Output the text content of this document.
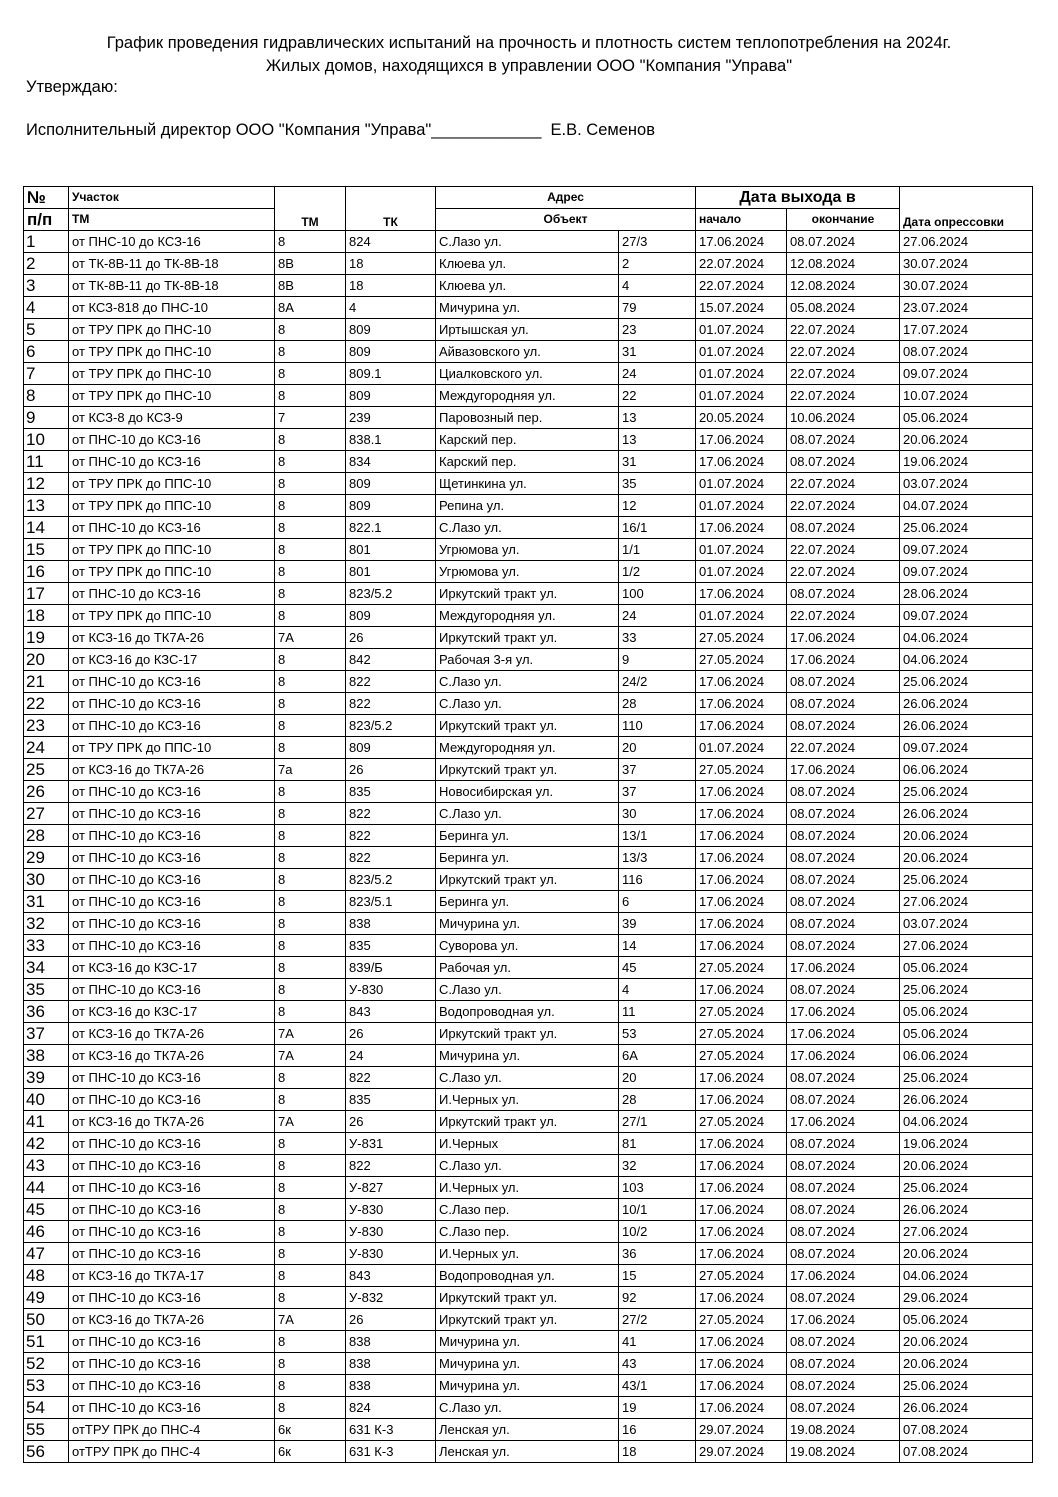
График проведения гидравлических испытаний на прочность и плотность систем теплопотребления на 2024г.
Жилых домов, находящихся в управлении ООО "Компания "Управа"
Утверждаю:
Исполнительный директор ООО "Компания "Управа"____________  Е.В. Семенов
№	Участок			Адрес		Дата выхода в		
п/п	ТМ	ТМ	ТК	Объект		начало	окончание	Дата опрессовки
1	от ПНС-10 до КСЗ-16	8	824	С.Лазо ул.	27/3	17.06.2024	08.07.2024	27.06.2024
2	от ТК-8В-11 до ТК-8В-18	8В	18	Клюева ул.	2	22.07.2024	12.08.2024	30.07.2024
3	от ТК-8В-11 до ТК-8В-18	8В	18	Клюева ул.	4	22.07.2024	12.08.2024	30.07.2024
4	от КСЗ-818 до ПНС-10	8А	4	Мичурина ул.	79	15.07.2024	05.08.2024	23.07.2024
5	от ТРУ ПРК до ПНС-10	8	809	Иртышская ул.	23	01.07.2024	22.07.2024	17.07.2024
6	от ТРУ ПРК до ПНС-10	8	809	Айвазовского ул.	31	01.07.2024	22.07.2024	08.07.2024
7	от ТРУ ПРК до ПНС-10	8	809.1	Циалковского ул.	24	01.07.2024	22.07.2024	09.07.2024
8	от ТРУ ПРК до ПНС-10	8	809	Междугородняя ул.	22	01.07.2024	22.07.2024	10.07.2024
9	от КСЗ-8 до КСЗ-9	7	239	Паровозный пер.	13	20.05.2024	10.06.2024	05.06.2024
10	от ПНС-10 до КСЗ-16	8	838.1	Карский пер.	13	17.06.2024	08.07.2024	20.06.2024
11	от ПНС-10 до КСЗ-16	8	834	Карский пер.	31	17.06.2024	08.07.2024	19.06.2024
12	от ТРУ ПРК до ППС-10	8	809	Щетинкина ул.	35	01.07.2024	22.07.2024	03.07.2024
13	от ТРУ ПРК до ППС-10	8	809	Репина ул.	12	01.07.2024	22.07.2024	04.07.2024
14	от ПНС-10 до КСЗ-16	8	822.1	С.Лазо ул.	16/1	17.06.2024	08.07.2024	25.06.2024
15	от ТРУ ПРК до ППС-10	8	801	Угрюмова ул.	1/1	01.07.2024	22.07.2024	09.07.2024
16	от ТРУ ПРК до ППС-10	8	801	Угрюмова ул.	1/2	01.07.2024	22.07.2024	09.07.2024
17	от ПНС-10 до КСЗ-16	8	823/5.2	Иркутский тракт ул.	100	17.06.2024	08.07.2024	28.06.2024
18	от ТРУ ПРК до ППС-10	8	809	Междугородняя ул.	24	01.07.2024	22.07.2024	09.07.2024
19	от КСЗ-16 до ТК7А-26	7А	26	Иркутский тракт ул.	33	27.05.2024	17.06.2024	04.06.2024
20	от КСЗ-16 до КЗС-17	8	842	Рабочая 3-я ул.	9	27.05.2024	17.06.2024	04.06.2024
21	от ПНС-10 до КСЗ-16	8	822	С.Лазо ул.	24/2	17.06.2024	08.07.2024	25.06.2024
22	от ПНС-10 до КСЗ-16	8	822	С.Лазо ул.	28	17.06.2024	08.07.2024	26.06.2024
23	от ПНС-10 до КСЗ-16	8	823/5.2	Иркутский тракт ул.	110	17.06.2024	08.07.2024	26.06.2024
24	от ТРУ ПРК до ППС-10	8	809	Междугородняя ул.	20	01.07.2024	22.07.2024	09.07.2024
25	от КСЗ-16 до ТК7А-26	7а	26	Иркутский тракт ул.	37	27.05.2024	17.06.2024	06.06.2024
26	от ПНС-10 до КСЗ-16	8	835	Новосибирская ул.	37	17.06.2024	08.07.2024	25.06.2024
27	от ПНС-10 до КСЗ-16	8	822	С.Лазо ул.	30	17.06.2024	08.07.2024	26.06.2024
28	от ПНС-10 до КСЗ-16	8	822	Беринга ул.	13/1	17.06.2024	08.07.2024	20.06.2024
29	от ПНС-10 до КСЗ-16	8	822	Беринга ул.	13/3	17.06.2024	08.07.2024	20.06.2024
30	от ПНС-10 до КСЗ-16	8	823/5.2	Иркутский тракт ул.	116	17.06.2024	08.07.2024	25.06.2024
31	от ПНС-10 до КСЗ-16	8	823/5.1	Беринга ул.	6	17.06.2024	08.07.2024	27.06.2024
32	от ПНС-10 до КСЗ-16	8	838	Мичурина ул.	39	17.06.2024	08.07.2024	03.07.2024
33	от ПНС-10 до КСЗ-16	8	835	Суворова ул.	14	17.06.2024	08.07.2024	27.06.2024
34	от КСЗ-16 до КЗС-17	8	839/Б	Рабочая ул.	45	27.05.2024	17.06.2024	05.06.2024
35	от ПНС-10 до КСЗ-16	8	У-830	С.Лазо ул.	4	17.06.2024	08.07.2024	25.06.2024
36	от КСЗ-16 до КЗС-17	8	843	Водопроводная ул.	11	27.05.2024	17.06.2024	05.06.2024
37	от КСЗ-16 до ТК7А-26	7А	26	Иркутский тракт ул.	53	27.05.2024	17.06.2024	05.06.2024
38	от КСЗ-16 до ТК7А-26	7А	24	Мичурина ул.	6А	27.05.2024	17.06.2024	06.06.2024
39	от ПНС-10 до КСЗ-16	8	822	С.Лазо ул.	20	17.06.2024	08.07.2024	25.06.2024
40	от ПНС-10 до КСЗ-16	8	835	И.Черных ул.	28	17.06.2024	08.07.2024	26.06.2024
41	от КСЗ-16 до ТК7А-26	7А	26	Иркутский тракт ул.	27/1	27.05.2024	17.06.2024	04.06.2024
42	от ПНС-10 до КСЗ-16	8	У-831	И.Черных	81	17.06.2024	08.07.2024	19.06.2024
43	от ПНС-10 до КСЗ-16	8	822	С.Лазо ул.	32	17.06.2024	08.07.2024	20.06.2024
44	от ПНС-10 до КСЗ-16	8	У-827	И.Черных ул.	103	17.06.2024	08.07.2024	25.06.2024
45	от ПНС-10 до КСЗ-16	8	У-830	С.Лазо пер.	10/1	17.06.2024	08.07.2024	26.06.2024
46	от ПНС-10 до КСЗ-16	8	У-830	С.Лазо пер.	10/2	17.06.2024	08.07.2024	27.06.2024
47	от ПНС-10 до КСЗ-16	8	У-830	И.Черных ул.	36	17.06.2024	08.07.2024	20.06.2024
48	от КСЗ-16 до ТК7А-17	8	843	Водопроводная ул.	15	27.05.2024	17.06.2024	04.06.2024
49	от ПНС-10 до КСЗ-16	8	У-832	Иркутский тракт ул.	92	17.06.2024	08.07.2024	29.06.2024
50	от КСЗ-16 до ТК7А-26	7А	26	Иркутский тракт ул.	27/2	27.05.2024	17.06.2024	05.06.2024
51	от ПНС-10 до КСЗ-16	8	838	Мичурина ул.	41	17.06.2024	08.07.2024	20.06.2024
52	от ПНС-10 до КСЗ-16	8	838	Мичурина ул.	43	17.06.2024	08.07.2024	20.06.2024
53	от ПНС-10 до КСЗ-16	8	838	Мичурина ул.	43/1	17.06.2024	08.07.2024	25.06.2024
54	от ПНС-10 до КСЗ-16	8	824	С.Лазо ул.	19	17.06.2024	08.07.2024	26.06.2024
55	отТРУ ПРК до ПНС-4	6к	631 К-3	Ленская ул.	16	29.07.2024	19.08.2024	07.08.2024
56	отТРУ ПРК до ПНС-4	6к	631 К-3	Ленская ул.	18	29.07.2024	19.08.2024	07.08.2024
